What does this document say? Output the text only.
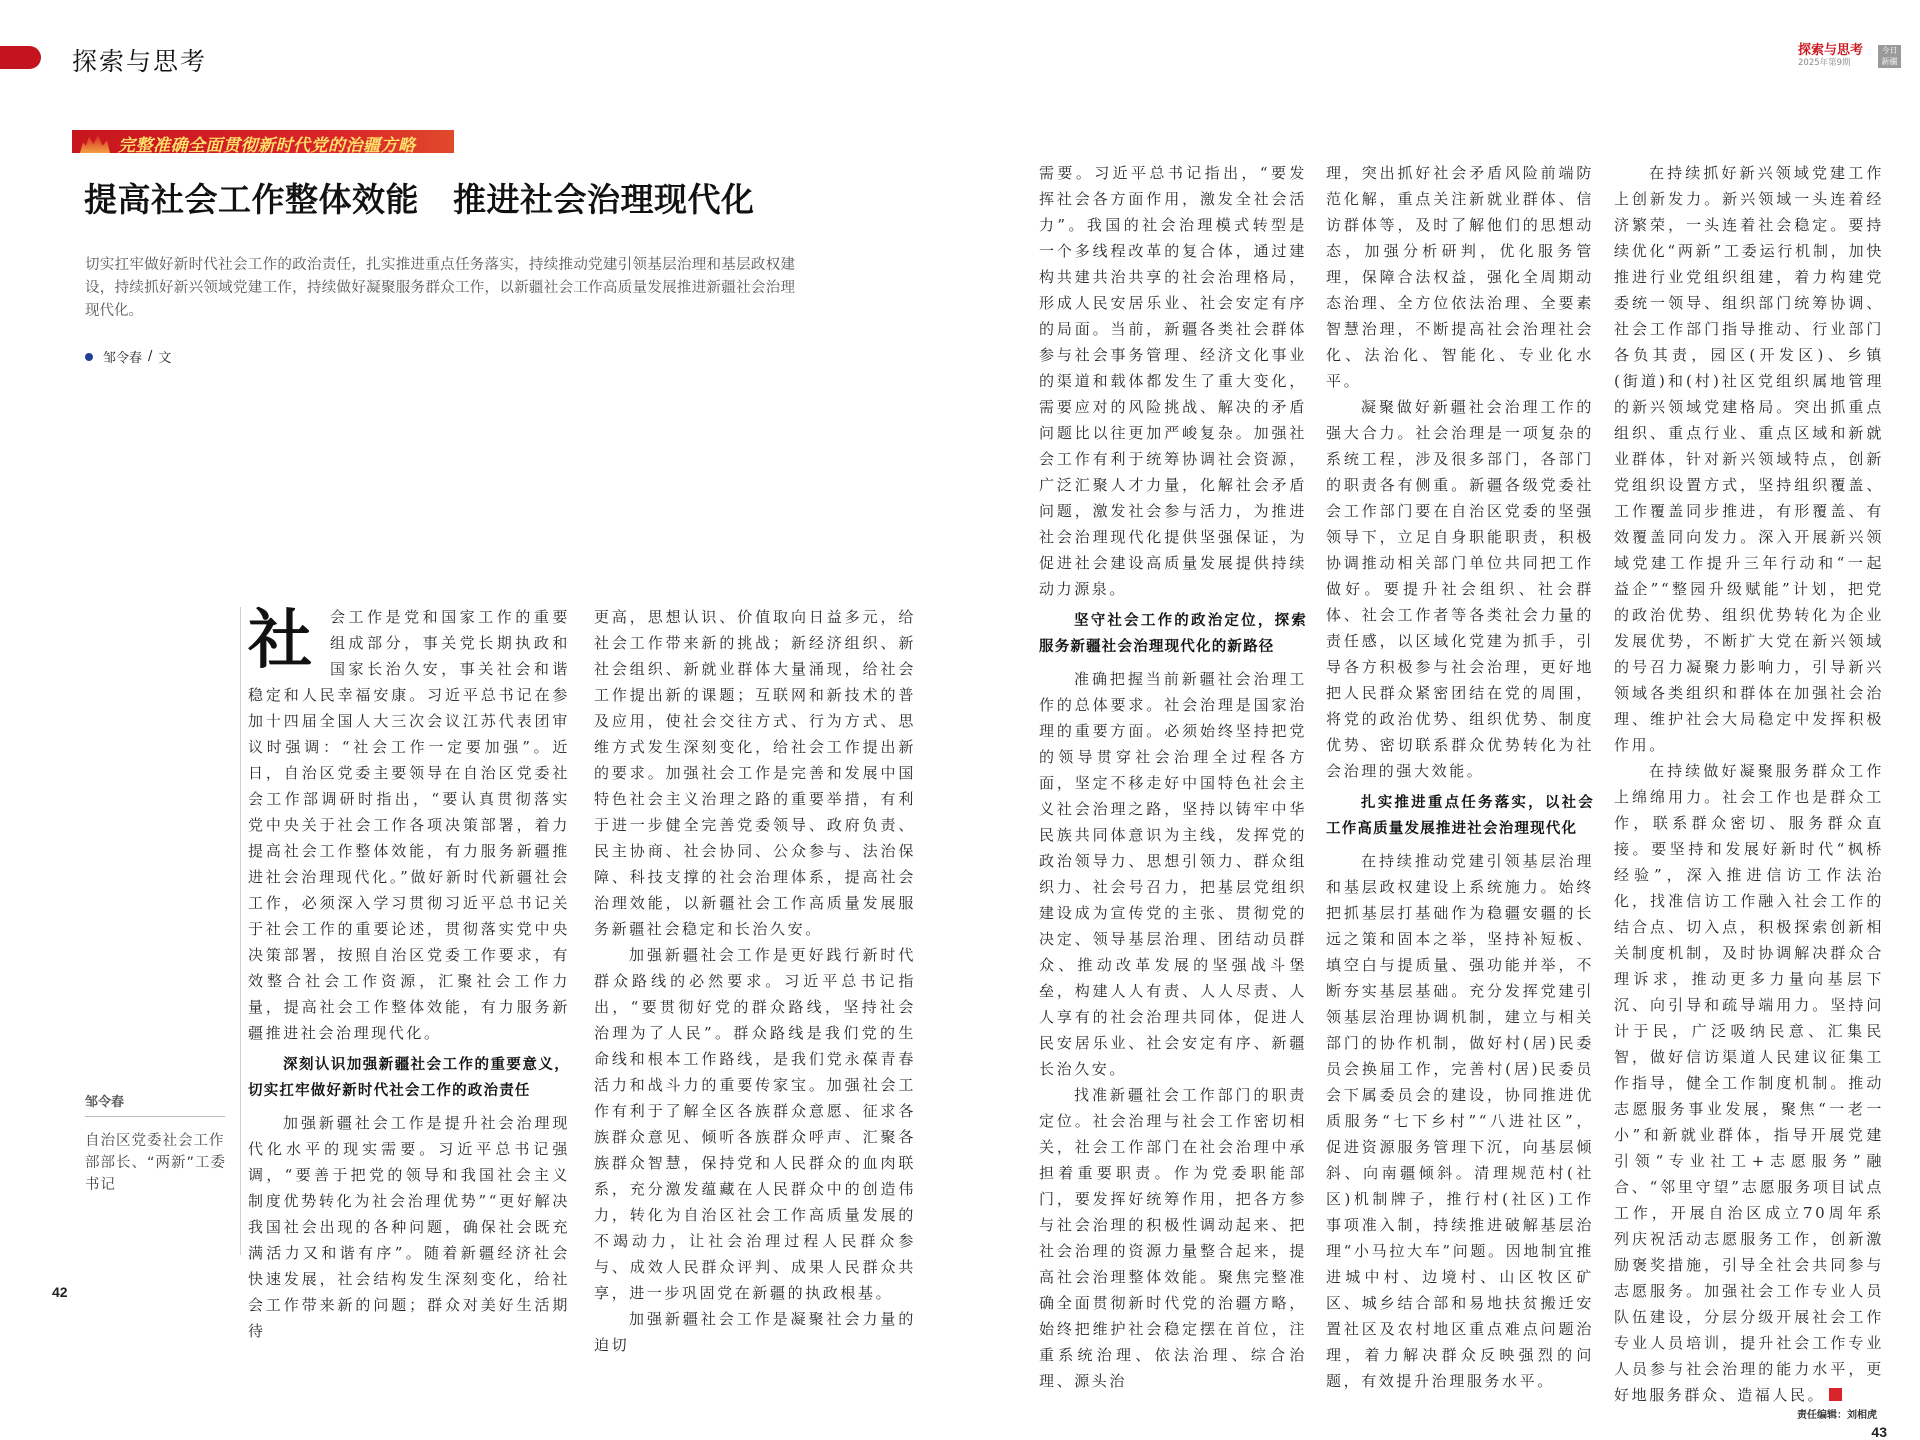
探索与思考	探索与思考
2025年第9期
今日新疆
完整准确全面贯彻新时代党的治疆方略
提高社会工作整体效能 推进社会治理现代化
切实扛牢做好新时代社会工作的政治责任，扎实推进重点任务落实，持续推动党建引领基层治理和基层政权建设，持续抓好新兴领域党建工作，持续做好凝聚服务群众工作，以新疆社会工作高质量发展推进新疆社会治理现代化。
邹令春 / 文

社 会工作是党和国家工作的重要组成部分，事关党长期执政和国家长治久安，事关社会和谐稳定和人民幸福安康。习近平总书记在参加十四届全国人大三次会议江苏代表团审议时强调：“社会工作一定要加强”。近日，自治区党委主要领导在自治区党委社会工作部调研时指出，“要认真贯彻落实党中央关于社会工作各项决策部署，着力提高社会工作整体效能，有力服务新疆推进社会治理现代化。”做好新时代新疆社会工作，必须深入学习贯彻习近平总书记关于社会工作的重要论述，贯彻落实党中央决策部署，按照自治区党委工作要求，有效整合社会工作资源，汇聚社会工作力量，提高社会工作整体效能，有力服务新疆推进社会治理现代化。

深刻认识加强新疆社会工作的重要意义，切实扛牢做好新时代社会工作的政治责任

加强新疆社会工作是提升社会治理现代化水平的现实需要。习近平总书记强调，“要善于把党的领导和我国社会主义制度优势转化为社会治理优势”“更好解决我国社会出现的各种问题，确保社会既充满活力又和谐有序”。随着新疆经济社会快速发展，社会结构发生深刻变化，给社会工作带来新的问题；群众对美好生活期待

更高，思想认识、价值取向日益多元，给社会工作带来新的挑战；新经济组织、新社会组织、新就业群体大量涌现，给社会工作提出新的课题；互联网和新技术的普及应用，使社会交往方式、行为方式、思维方式发生深刻变化，给社会工作提出新的要求。加强社会工作是完善和发展中国特色社会主义治理之路的重要举措，有利于进一步健全完善党委领导、政府负责、民主协商、社会协同、公众参与、法治保障、科技支撑的社会治理体系，提高社会治理效能，以新疆社会工作高质量发展服务新疆社会稳定和长治久安。

加强新疆社会工作是更好践行新时代群众路线的必然要求。习近平总书记指出，“要贯彻好党的群众路线，坚持社会治理为了人民”。群众路线是我们党的生命线和根本工作路线，是我们党永葆青春活力和战斗力的重要传家宝。加强社会工作有利于了解全区各族群众意愿、征求各族群众意见、倾听各族群众呼声、汇聚各族群众智慧，保持党和人民群众的血肉联系，充分激发蕴藏在人民群众中的创造伟力，转化为自治区社会工作高质量发展的不竭动力，让社会治理过程人民群众参与、成效人民群众评判、成果人民群众共享，进一步巩固党在新疆的执政根基。

加强新疆社会工作是凝聚社会力量的迫切

需要。习近平总书记指出，“要发挥社会各方面作用，激发全社会活力”。我国的社会治理模式转型是一个多线程改革的复合体，通过建构共建共治共享的社会治理格局，形成人民安居乐业、社会安定有序的局面。当前，新疆各类社会群体参与社会事务管理、经济文化事业的渠道和载体都发生了重大变化，需要应对的风险挑战、解决的矛盾问题比以往更加严峻复杂。加强社会工作有利于统筹协调社会资源，广泛汇聚人才力量，化解社会矛盾问题，激发社会参与活力，为推进社会治理现代化提供坚强保证，为促进社会建设高质量发展提供持续动力源泉。

坚守社会工作的政治定位，探索服务新疆社会治理现代化的新路径

准确把握当前新疆社会治理工作的总体要求。社会治理是国家治理的重要方面。必须始终坚持把党的领导贯穿社会治理全过程各方面，坚定不移走好中国特色社会主义社会治理之路，坚持以铸牢中华民族共同体意识为主线，发挥党的政治领导力、思想引领力、群众组织力、社会号召力，把基层党组织建设成为宣传党的主张、贯彻党的决定、领导基层治理、团结动员群众、推动改革发展的坚强战斗堡垒，构建人人有责、人人尽责、人人享有的社会治理共同体，促进人民安居乐业、社会安定有序、新疆长治久安。

找准新疆社会工作部门的职责定位。社会治理与社会工作密切相关，社会工作部门在社会治理中承担着重要职责。作为党委职能部门，要发挥好统筹作用，把各方参与社会治理的积极性调动起来、把社会治理的资源力量整合起来，提高社会治理整体效能。聚焦完整准确全面贯彻新时代党的治疆方略，始终把维护社会稳定摆在首位，注重系统治理、依法治理、综合治理、源头治

理，突出抓好社会矛盾风险前端防范化解，重点关注新就业群体、信访群体等，及时了解他们的思想动态，加强分析研判，优化服务管理，保障合法权益，强化全周期动态治理、全方位依法治理、全要素智慧治理，不断提高社会治理社会化、法治化、智能化、专业化水平。

凝聚做好新疆社会治理工作的强大合力。社会治理是一项复杂的系统工程，涉及很多部门，各部门的职责各有侧重。新疆各级党委社会工作部门要在自治区党委的坚强领导下，立足自身职能职责，积极协调推动相关部门单位共同把工作做好。要提升社会组织、社会群体、社会工作者等各类社会力量的责任感，以区域化党建为抓手，引导各方积极参与社会治理，更好地把人民群众紧密团结在党的周围，将党的政治优势、组织优势、制度优势、密切联系群众优势转化为社会治理的强大效能。

扎实推进重点任务落实，以社会工作高质量发展推进社会治理现代化

在持续推动党建引领基层治理和基层政权建设上系统施力。始终把抓基层打基础作为稳疆安疆的长远之策和固本之举，坚持补短板、填空白与提质量、强功能并举，不断夯实基层基础。充分发挥党建引领基层治理协调机制，建立与相关部门的协作机制，做好村(居)民委员会换届工作，完善村(居)民委员会下属委员会的建设，协同推进优质服务“七下乡村”“八进社区”，促进资源服务管理下沉，向基层倾斜、向南疆倾斜。清理规范村(社区)机制牌子，推行村(社区)工作事项准入制，持续推进破解基层治理“小马拉大车”问题。因地制宜推进城中村、边境村、山区牧区矿区、城乡结合部和易地扶贫搬迁安置社区及农村地区重点难点问题治理，着力解决群众反映强烈的问题，有效提升治理服务水平。

在持续抓好新兴领域党建工作上创新发力。新兴领域一头连着经济繁荣，一头连着社会稳定。要持续优化“两新”工委运行机制，加快推进行业党组织组建，着力构建党委统一领导、组织部门统筹协调、社会工作部门指导推动、行业部门各负其责，园区(开发区)、乡镇(街道)和(村)社区党组织属地管理的新兴领域党建格局。突出抓重点组织、重点行业、重点区域和新就业群体，针对新兴领域特点，创新党组织设置方式，坚持组织覆盖、工作覆盖同步推进，有形覆盖、有效覆盖同向发力。深入开展新兴领域党建工作提升三年行动和“一起益企”“整园升级赋能”计划，把党的政治优势、组织优势转化为企业发展优势，不断扩大党在新兴领域的号召力凝聚力影响力，引导新兴领域各类组织和群体在加强社会治理、维护社会大局稳定中发挥积极作用。

在持续做好凝聚服务群众工作上绵绵用力。社会工作也是群众工作，联系群众密切、服务群众直接。要坚持和发展好新时代“枫桥经验”，深入推进信访工作法治化，找准信访工作融入社会工作的结合点、切入点，积极探索创新相关制度机制，及时协调解决群众合理诉求，推动更多力量向基层下沉、向引导和疏导端用力。坚持问计于民，广泛吸纳民意、汇集民智，做好信访渠道人民建议征集工作指导，健全工作制度机制。推动志愿服务事业发展，聚焦“一老一小”和新就业群体，指导开展党建引领“专业社工+志愿服务”融合、“邻里守望”志愿服务项目试点工作，开展自治区成立70周年系列庆祝活动志愿服务工作，创新激励褒奖措施，引导全社会共同参与志愿服务。加强社会工作专业人员队伍建设，分层分级开展社会工作专业人员培训，提升社会工作专业人员参与社会治理的能力水平，更好地服务群众、造福人民。

邹令春
自治区党委社会工作部部长、“两新”工委书记
42
责任编辑：刘相虎
43
